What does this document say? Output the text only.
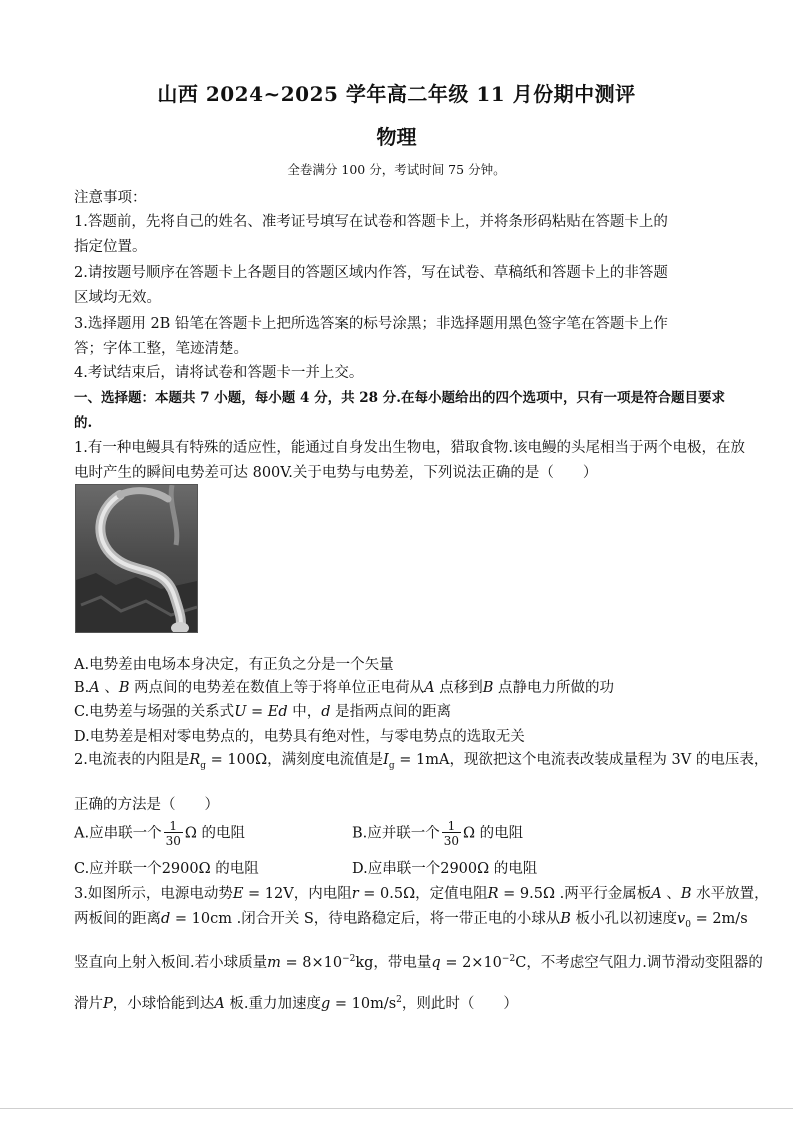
山西 2024~2025 学年高二年级 11 月份期中测评
物理
全卷满分 100 分，考试时间 75 分钟。
注意事项：
1.答题前，先将自己的姓名、准考证号填写在试卷和答题卡上，并将条形码粘贴在答题卡上的
指定位置。
2.请按题号顺序在答题卡上各题目的答题区域内作答，写在试卷、草稿纸和答题卡上的非答题
区域均无效。
3.选择题用 2B 铅笔在答题卡上把所选答案的标号涂黑；非选择题用黑色签字笔在答题卡上作
答；字体工整，笔迹清楚。
4.考试结束后，请将试卷和答题卡一并上交。
一、选择题：本题共 7 小题，每小题 4 分，共 28 分.在每小题给出的四个选项中，只有一项是符合题目要求
的.
1.有一种电鳗具有特殊的适应性，能通过自身发出生物电，猎取食物.该电鳗的头尾相当于两个电极，在放
电时产生的瞬间电势差可达 800V.关于电势与电势差，下列说法正确的是（　　）
A.电势差由电场本身决定，有正负之分是一个矢量
B.A 、B 两点间的电势差在数值上等于将单位正电荷从A 点移到B 点静电力所做的功
C.电势差与场强的关系式U = Ed 中，d 是指两点间的距离
D.电势差是相对零电势点的，电势具有绝对性，与零电势点的选取无关
2.电流表的内阻是$R_g = 100\Omega$，满刻度电流值是$I_g = 1mA$，现欲把这个电流表改装成量程为 3V 的电压表，
正确的方法是（　　）
A.应串联一个 $\frac{1}{30}$ Ω 的电阻	B.应并联一个 $\frac{1}{30}$ Ω 的电阻
C.应并联一个2900Ω 的电阻	D.应串联一个2900Ω 的电阻
3.如图所示，电源电动势E = 12V，内电阻r = 0.5Ω，定值电阻R = 9.5Ω .两平行金属板A 、B 水平放置，
两板间的距离d = 10cm .闭合开关 S，待电路稳定后，将一带正电的小球从B 板小孔以初速度$v_0 = 2m/s$
竖直向上射入板间.若小球质量$m = 8\times 10^{-2}kg$，带电量$q = 2\times 10^{-2}C$，不考虑空气阻力.调节滑动变阻器的
滑片P，小球恰能到达A 板.重力加速度$g = 10m/s^2$，则此时（　　）
